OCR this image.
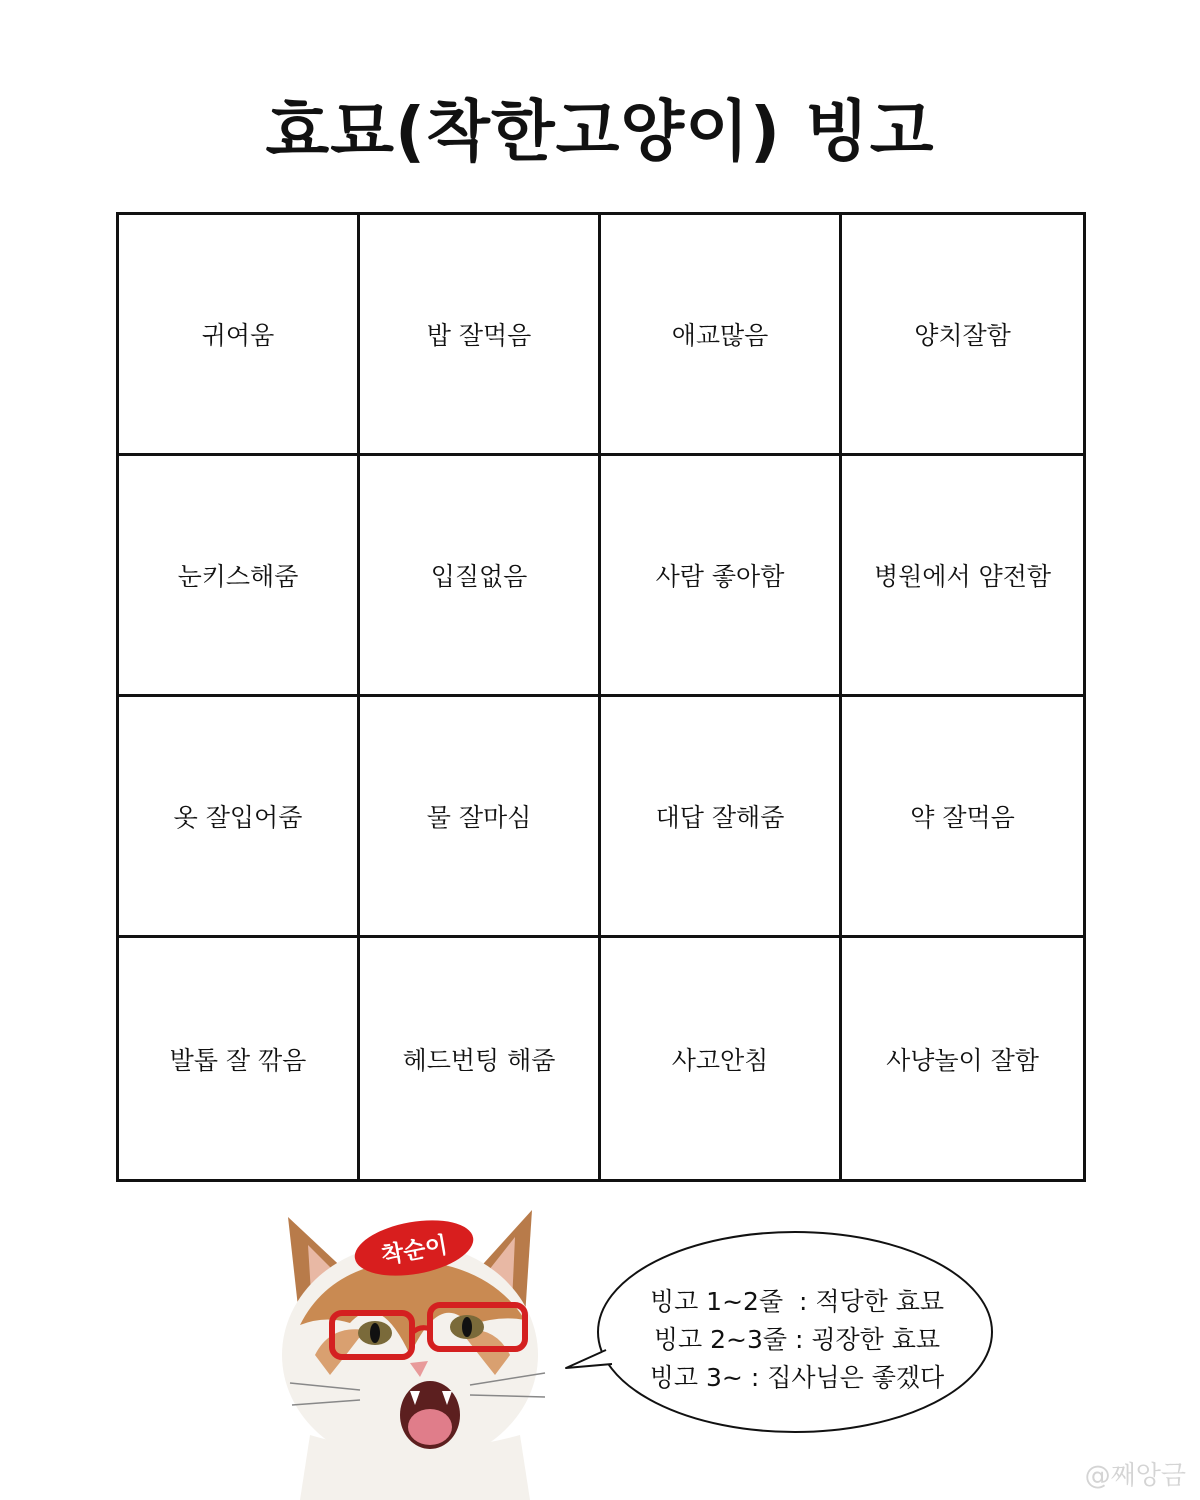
효묘(착한고양이) 빙고
귀여움	밥 잘먹음	애교많음	양치잘함
눈키스해줌	입질없음	사람 좋아함	병원에서 얌전함
옷 잘입어줌	물 잘마심	대답 잘해줌	약 잘먹음
발톱 잘 깎음	헤드번팅 해줌	사고안침	사냥놀이 잘함
착순이
빙고 1~2줄  : 적당한 효묘
빙고 2~3줄 : 굉장한 효묘
빙고 3~ : 집사님은 좋겠다
@째앙금
